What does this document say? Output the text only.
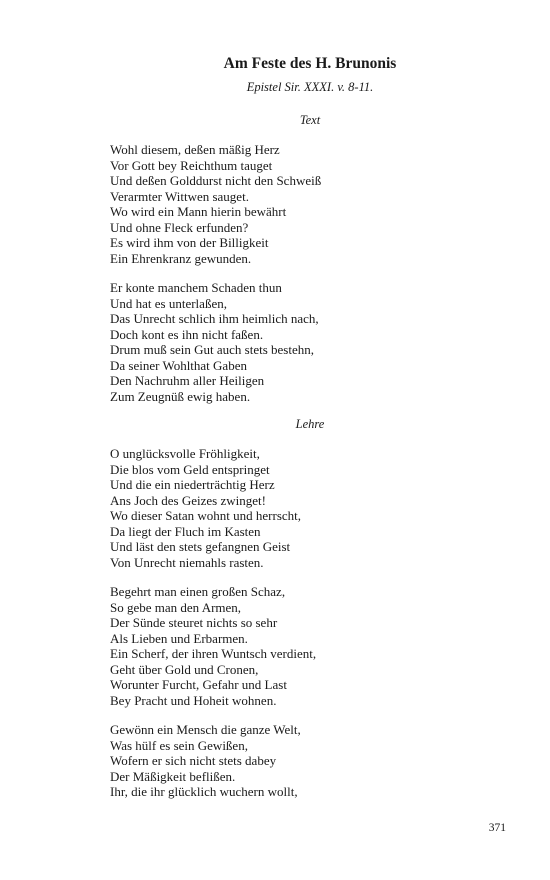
Am Feste des H. Brunonis
Epistel Sir. XXXI. v. 8-11.
Text
Wohl diesem, deßen mäßig Herz
Vor Gott bey Reichthum tauget
Und deßen Golddurst nicht den Schweiß
Verarmter Wittwen sauget.
Wo wird ein Mann hierin bewährt
Und ohne Fleck erfunden?
Es wird ihm von der Billigkeit
Ein Ehrenkranz gewunden.
Er konte manchem Schaden thun
Und hat es unterlaßen,
Das Unrecht schlich ihm heimlich nach,
Doch kont es ihn nicht faßen.
Drum muß sein Gut auch stets bestehn,
Da seiner Wohlthat Gaben
Den Nachruhm aller Heiligen
Zum Zeugnüß ewig haben.
Lehre
O unglücksvolle Fröhligkeit,
Die blos vom Geld entspringet
Und die ein niederträchtig Herz
Ans Joch des Geizes zwinget!
Wo dieser Satan wohnt und herrscht,
Da liegt der Fluch im Kasten
Und läst den stets gefangnen Geist
Von Unrecht niemahls rasten.
Begehrt man einen großen Schaz,
So gebe man den Armen,
Der Sünde steuret nichts so sehr
Als Lieben und Erbarmen.
Ein Scherf, der ihren Wuntsch verdient,
Geht über Gold und Cronen,
Worunter Furcht, Gefahr und Last
Bey Pracht und Hoheit wohnen.
Gewönn ein Mensch die ganze Welt,
Was hülf es sein Gewißen,
Wofern er sich nicht stets dabey
Der Mäßigkeit beflißen.
Ihr, die ihr glücklich wuchern wollt,
371
